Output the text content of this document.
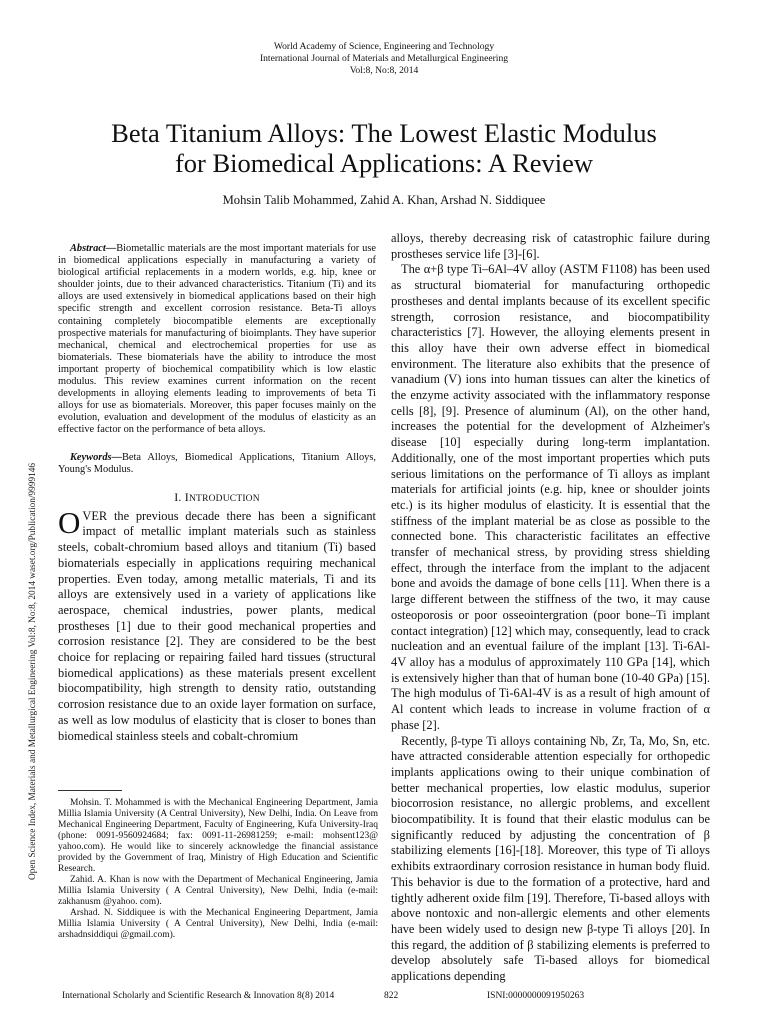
World Academy of Science, Engineering and Technology
International Journal of Materials and Metallurgical Engineering
Vol:8, No:8, 2014
Beta Titanium Alloys: The Lowest Elastic Modulus
for Biomedical Applications: A Review
Mohsin Talib Mohammed, Zahid A. Khan, Arshad N. Siddiquee
Open Science Index, Materials and Metallurgical Engineering Vol:8, No:8, 2014 waset.org/Publication/9999146

Abstract—Biometallic materials are the most important materials for use in biomedical applications especially in manufacturing a variety of biological artificial replacements in a modern worlds, e.g. hip, knee or shoulder joints, due to their advanced characteristics. Titanium (Ti) and its alloys are used extensively in biomedical applications based on their high specific strength and excellent corrosion resistance. Beta-Ti alloys containing completely biocompatible elements are exceptionally prospective materials for manufacturing of bioimplants. They have superior mechanical, chemical and electrochemical properties for use as biomaterials. These biomaterials have the ability to introduce the most important property of biochemical compatibility which is low elastic modulus. This review examines current information on the recent developments in alloying elements leading to improvements of beta Ti alloys for use as biomaterials. Moreover, this paper focuses mainly on the evolution, evaluation and development of the modulus of elasticity as an effective factor on the performance of beta alloys.

Keywords—Beta Alloys, Biomedical Applications, Titanium Alloys, Young's Modulus.

I. INTRODUCTION

OVER the previous decade there has been a significant impact of metallic implant materials such as stainless steels, cobalt-chromium based alloys and titanium (Ti) based biomaterials especially in applications requiring mechanical properties. Even today, among metallic materials, Ti and its alloys are extensively used in a variety of applications like aerospace, chemical industries, power plants, medical prostheses [1] due to their good mechanical properties and corrosion resistance [2]. They are considered to be the best choice for replacing or repairing failed hard tissues (structural biomedical applications) as these materials present excellent biocompatibility, high strength to density ratio, outstanding corrosion resistance due to an oxide layer formation on surface, as well as low modulus of elasticity that is closer to bones than biomedical stainless steels and cobalt-chromium

Mohsin. T. Mohammed is with the Mechanical Engineering Department, Jamia Millia Islamia University (A Central University), New Delhi, India. On Leave from Mechanical Engineering Department, Faculty of Engineering, Kufa University-Iraq (phone: 0091-9560924684; fax: 0091-11-26981259; e-mail: mohsent123@ yahoo.com). He would like to sincerely acknowledge the financial assistance provided by the Government of Iraq, Ministry of High Education and Scientific Research.

Zahid. A. Khan is now with the Department of Mechanical Engineering, Jamia Millia Islamia University ( A Central University), New Delhi, India (e-mail: zakhanusm @yahoo. com).

Arshad. N. Siddiquee is with the Mechanical Engineering Department, Jamia Millia Islamia University ( A Central University), New Delhi, India (e-mail: arshadnsiddiqui @gmail.com).

alloys, thereby decreasing risk of catastrophic failure during prostheses service life [3]-[6].

The α+β type Ti–6Al–4V alloy (ASTM F1108) has been used as structural biomaterial for manufacturing orthopedic prostheses and dental implants because of its excellent specific strength, corrosion resistance, and biocompatibility characteristics [7]. However, the alloying elements present in this alloy have their own adverse effect in biomedical environment. The literature also exhibits that the presence of vanadium (V) ions into human tissues can alter the kinetics of the enzyme activity associated with the inflammatory response cells [8], [9]. Presence of aluminum (Al), on the other hand, increases the potential for the development of Alzheimer's disease [10] especially during long-term implantation. Additionally, one of the most important properties which puts serious limitations on the performance of Ti alloys as implant materials for artificial joints (e.g. hip, knee or shoulder joints etc.) is its higher modulus of elasticity. It is essential that the stiffness of the implant material be as close as possible to the connected bone. This characteristic facilitates an effective transfer of mechanical stress, by providing stress shielding effect, through the interface from the implant to the adjacent bone and avoids the damage of bone cells [11]. When there is a large different between the stiffness of the two, it may cause osteoporosis or poor osseointergration (poor bone–Ti implant contact integration) [12] which may, consequently, lead to crack nucleation and an eventual failure of the implant [13]. Ti-6Al-4V alloy has a modulus of approximately 110 GPa [14], which is extensively higher than that of human bone (10-40 GPa) [15]. The high modulus of Ti-6Al-4V is as a result of high amount of Al content which leads to increase in volume fraction of α phase [2].

Recently, β-type Ti alloys containing Nb, Zr, Ta, Mo, Sn, etc. have attracted considerable attention especially for orthopedic implants applications owing to their unique combination of better mechanical properties, low elastic modulus, superior biocorrosion resistance, no allergic problems, and excellent biocompatibility. It is found that their elastic modulus can be significantly reduced by adjusting the concentration of β stabilizing elements [16]-[18]. Moreover, this type of Ti alloys exhibits extraordinary corrosion resistance in human body fluid. This behavior is due to the formation of a protective, hard and tightly adherent oxide film [19]. Therefore, Ti-based alloys with above nontoxic and non-allergic elements and other elements have been widely used to design new β-type Ti alloys [20]. In this regard, the addition of β stabilizing elements is preferred to develop absolutely safe Ti-based alloys for biomedical applications depending

International Scholarly and Scientific Research & Innovation 8(8) 2014	822	ISNI:0000000091950263
